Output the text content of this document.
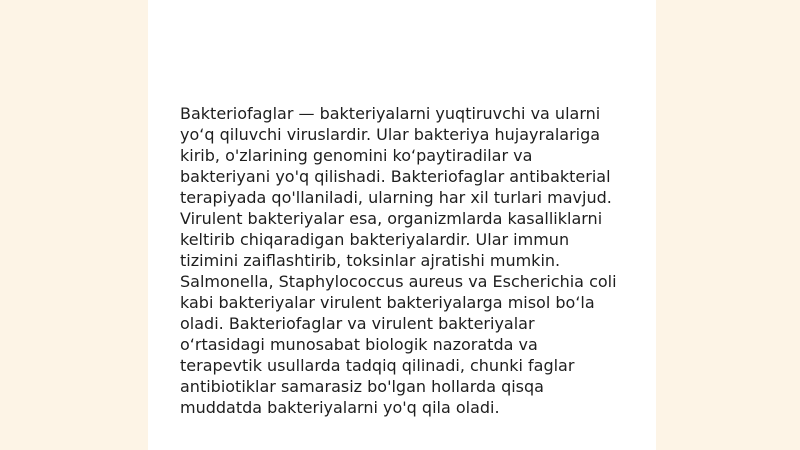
Bakteriofaglar — bakteriyalarni yuqtiruvchi va ularni
yo‘q qiluvchi viruslardir. Ular bakteriya hujayralariga
kirib, o'zlarining genomini ko‘paytiradilar va
bakteriyani yo'q qilishadi. Bakteriofaglar antibakterial
terapiyada qo'llaniladi, ularning har xil turlari mavjud.
Virulent bakteriyalar esa, organizmlarda kasalliklarni
keltirib chiqaradigan bakteriyalardir. Ular immun
tizimini zaiflashtirib, toksinlar ajratishi mumkin.
Salmonella, Staphylococcus aureus va Escherichia coli
kabi bakteriyalar virulent bakteriyalarga misol bo‘la
oladi. Bakteriofaglar va virulent bakteriyalar
o‘rtasidagi munosabat biologik nazoratda va
terapevtik usullarda tadqiq qilinadi, chunki faglar
antibiotiklar samarasiz bo'lgan hollarda qisqa
muddatda bakteriyalarni yo'q qila oladi.
